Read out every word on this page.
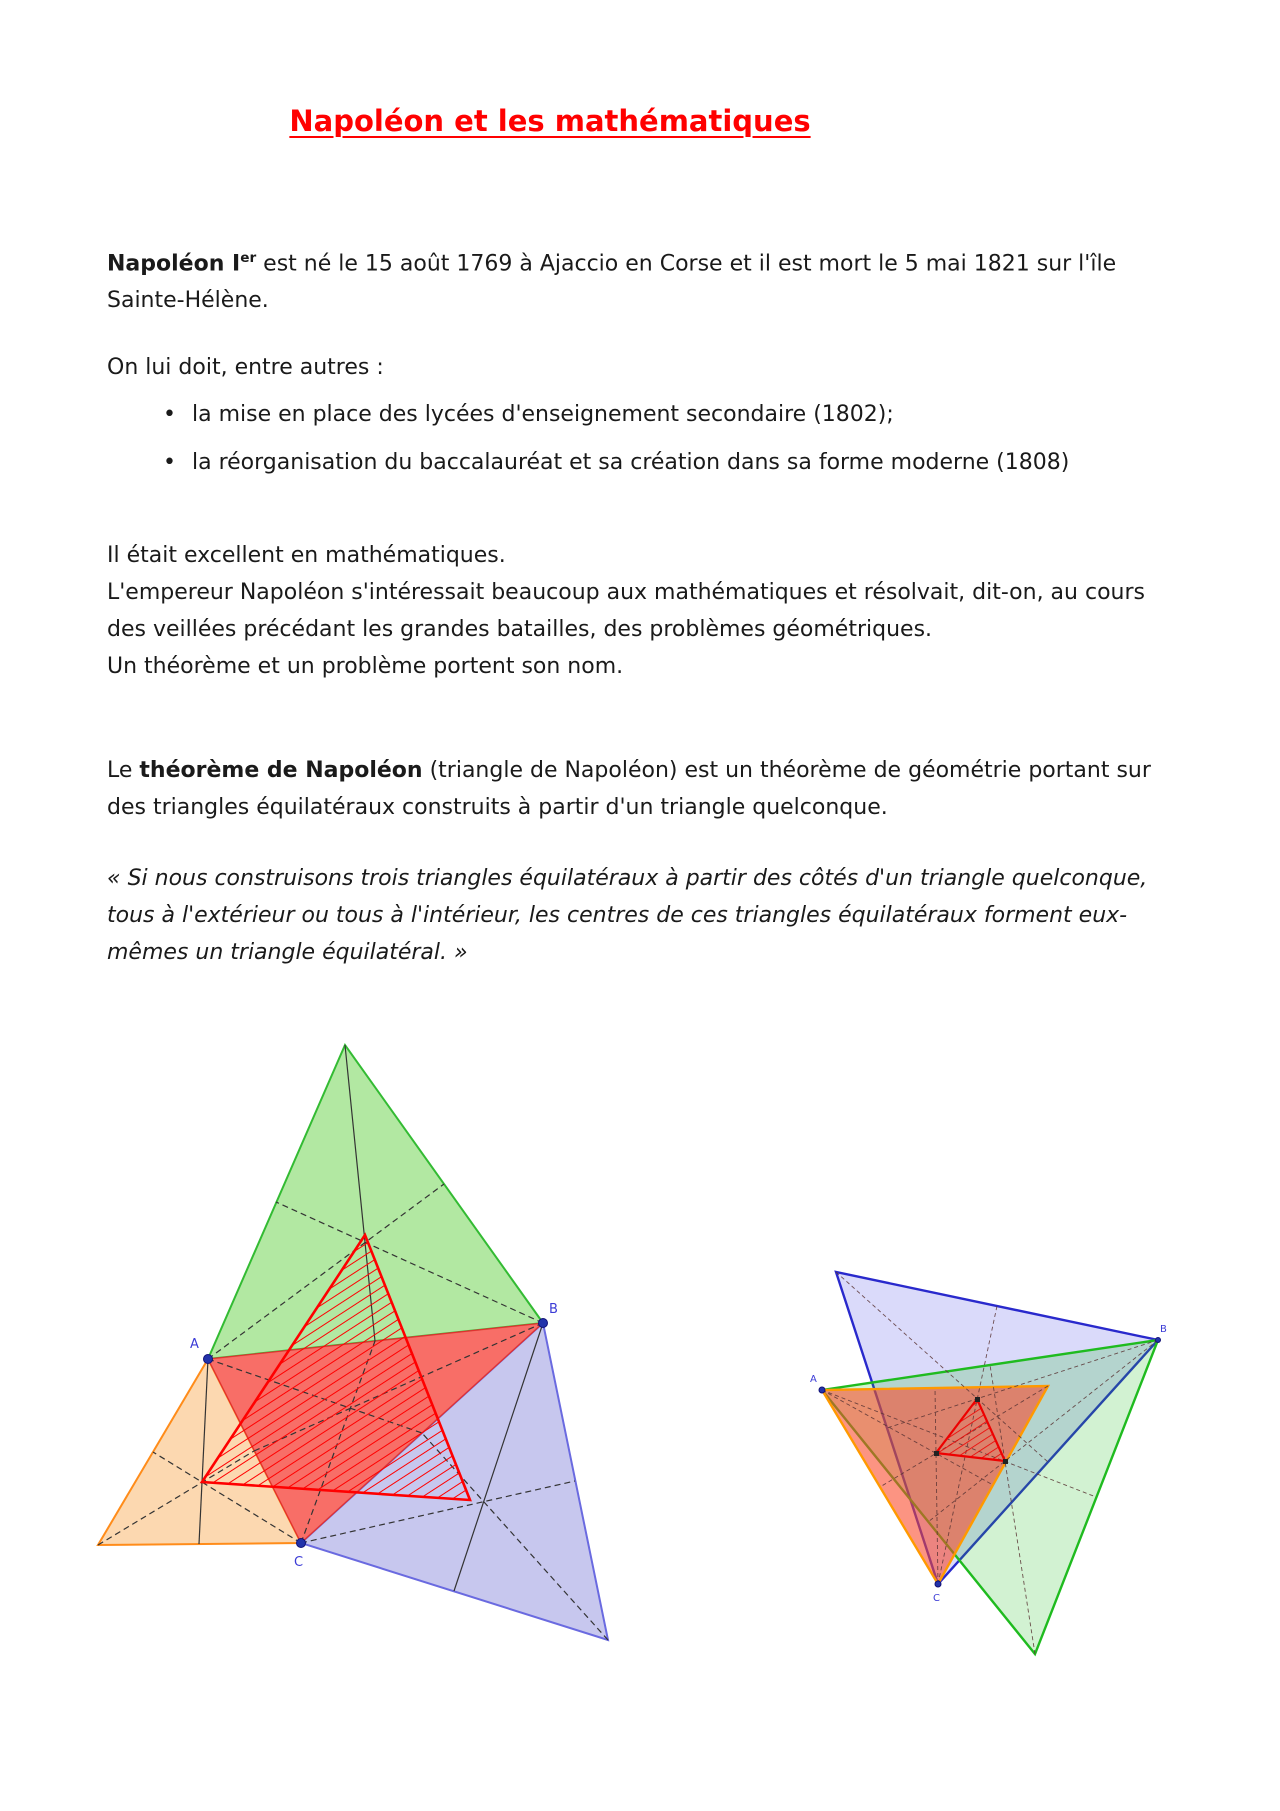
Napoléon et les mathématiques
Napoléon Ier est né le 15 août 1769 à Ajaccio en Corse et il est mort le 5 mai 1821 sur l'île Sainte-Hélène.
On lui doit, entre autres :
• la mise en place des lycées d'enseignement secondaire (1802);
• la réorganisation du baccalauréat et sa création dans sa forme moderne (1808)
Il était excellent en mathématiques.
L'empereur Napoléon s'intéressait beaucoup aux mathématiques et résolvait, dit-on, au cours des veillées précédant les grandes batailles, des problèmes géométriques.
Un théorème et un problème portent son nom.
Le théorème de Napoléon (triangle de Napoléon) est un théorème de géométrie portant sur des triangles équilatéraux construits à partir d'un triangle quelconque.
« Si nous construisons trois triangles équilatéraux à partir des côtés d'un triangle quelconque, tous à l'extérieur ou tous à l'intérieur, les centres de ces triangles équilatéraux forment eux-mêmes un triangle équilatéral. »
A
B
C
A
B
C
